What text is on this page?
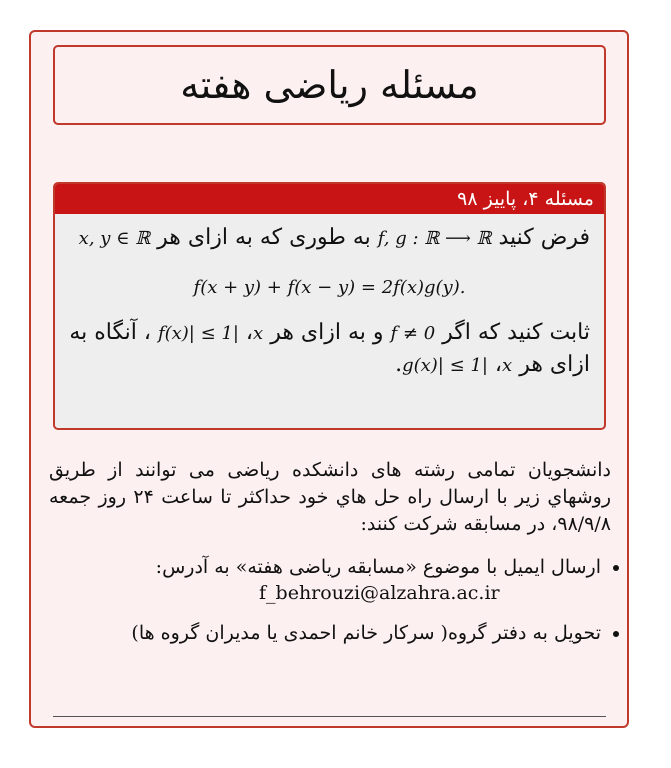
مسئله ریاضی هفته
مسئله ۴، پاییز ۹۸
فرض کنید f, g : ℝ ⟶ ℝ به طوری که به ازای هر x, y ∈ ℝ
f(x + y) + f(x − y) = 2f(x)g(y).
ثابت کنید که اگر f ≠ 0 و به ازای هر x، |f(x)| ≤ 1 ، آنگاه به ازای هر x، |g(x)| ≤ 1.
دانشجویان تمامی رشته های دانشکده ریاضی می توانند از طریق روشهاي زیر با ارسال راه حل هاي خود حداکثر تا ساعت ۲۴ روز جمعه ۹۸/۹/۸، در مسابقه شرکت کنند:
• ارسال ایمیل با موضوع «مسابقه ریاضی هفته» به آدرس:
f_behrouzi@alzahra.ac.ir
• تحویل به دفتر گروه( سرکار خانم احمدی یا مدیران گروه ها)
